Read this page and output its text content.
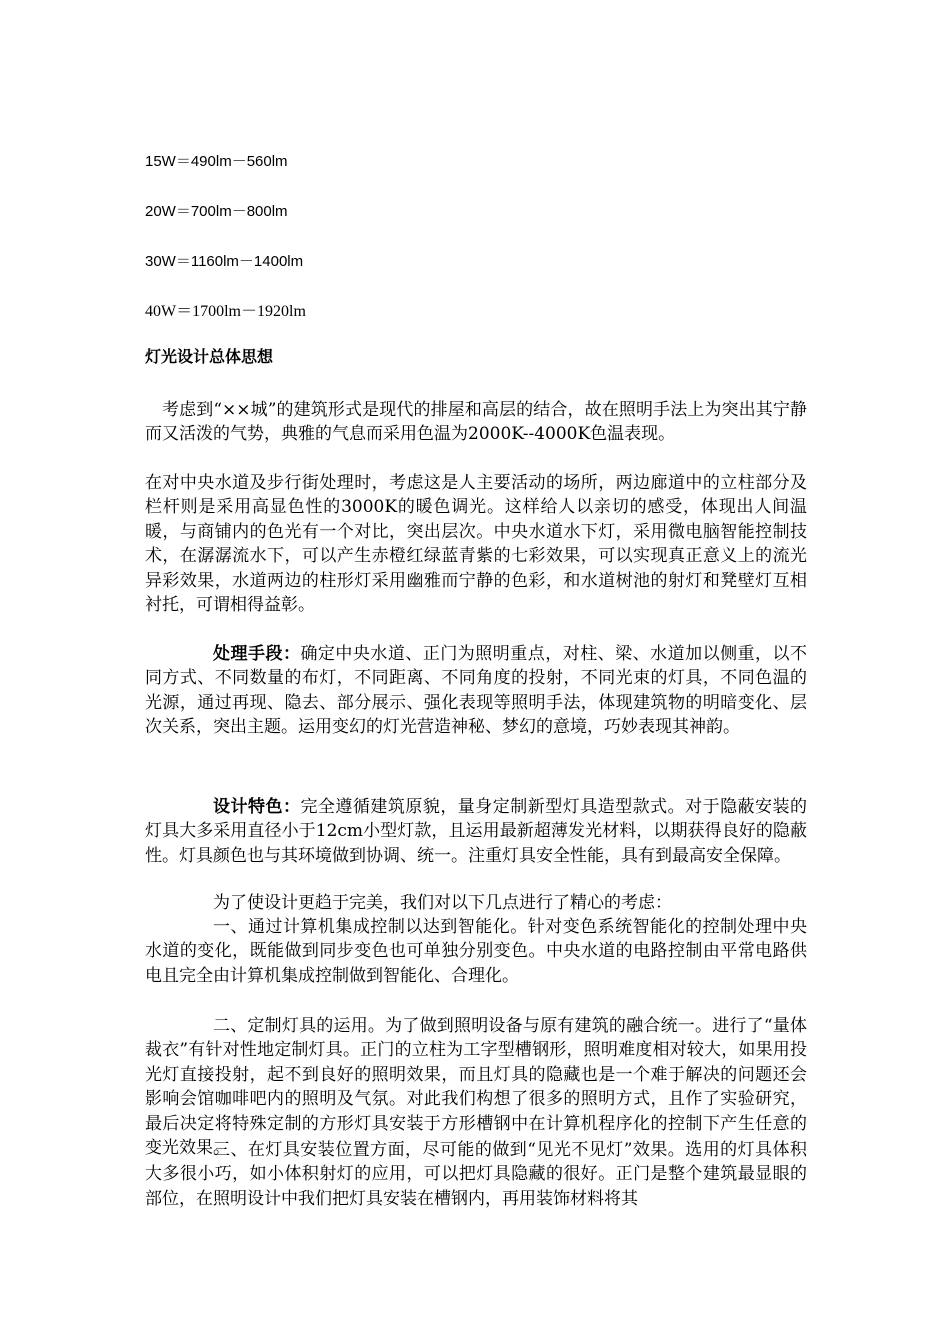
15W＝490lm－560lm
20W＝700lm－800lm
30W＝1160lm－1400lm
40W＝1700lm－1920lm
灯光设计总体思想

考虑到“××城”的建筑形式是现代的排屋和高层的结合，故在照明手法上为突出其宁静而又活泼的气势，典雅的气息而采用色温为2000K--4000K色温表现。

在对中央水道及步行街处理时，考虑这是人主要活动的场所，两边廊道中的立柱部分及栏杆则是采用高显色性的3000K的暖色调光。这样给人以亲切的感受，体现出人间温暖，与商铺内的色光有一个对比，突出层次。中央水道水下灯，采用微电脑智能控制技术，在潺潺流水下，可以产生赤橙红绿蓝青紫的七彩效果，可以实现真正意义上的流光异彩效果，水道两边的柱形灯采用幽雅而宁静的色彩，和水道树池的射灯和凳壁灯互相衬托，可谓相得益彰。

处理手段：确定中央水道、正门为照明重点，对柱、梁、水道加以侧重，以不同方式、不同数量的布灯，不同距离、不同角度的投射，不同光束的灯具，不同色温的光源，通过再现、隐去、部分展示、强化表现等照明手法，体现建筑物的明暗变化、层次关系，突出主题。运用变幻的灯光营造神秘、梦幻的意境，巧妙表现其神韵。

设计特色：完全遵循建筑原貌，量身定制新型灯具造型款式。对于隐蔽安装的灯具大多采用直径小于12cm小型灯款，且运用最新超薄发光材料，以期获得良好的隐蔽性。灯具颜色也与其环境做到协调、统一。注重灯具安全性能，具有到最高安全保障。

为了使设计更趋于完美，我们对以下几点进行了精心的考虑：

一、通过计算机集成控制以达到智能化。针对变色系统智能化的控制处理中央水道的变化，既能做到同步变色也可单独分别变色。中央水道的电路控制由平常电路供电且完全由计算机集成控制做到智能化、合理化。

二、定制灯具的运用。为了做到照明设备与原有建筑的融合统一。进行了“量体裁衣”有针对性地定制灯具。正门的立柱为工字型槽钢形，照明难度相对较大，如果用投光灯直接投射，起不到良好的照明效果，而且灯具的隐藏也是一个难于解决的问题还会影响会馆咖啡吧内的照明及气氛。对此我们构想了很多的照明方式，且作了实验研究，最后决定将特殊定制的方形灯具安装于方形槽钢中在计算机程序化的控制下产生任意的变光效果。

三、在灯具安装位置方面，尽可能的做到“见光不见灯”效果。选用的灯具体积大多很小巧，如小体积射灯的应用，可以把灯具隐藏的很好。正门是整个建筑最显眼的部位，在照明设计中我们把灯具安装在槽钢内，再用装饰材料将其
